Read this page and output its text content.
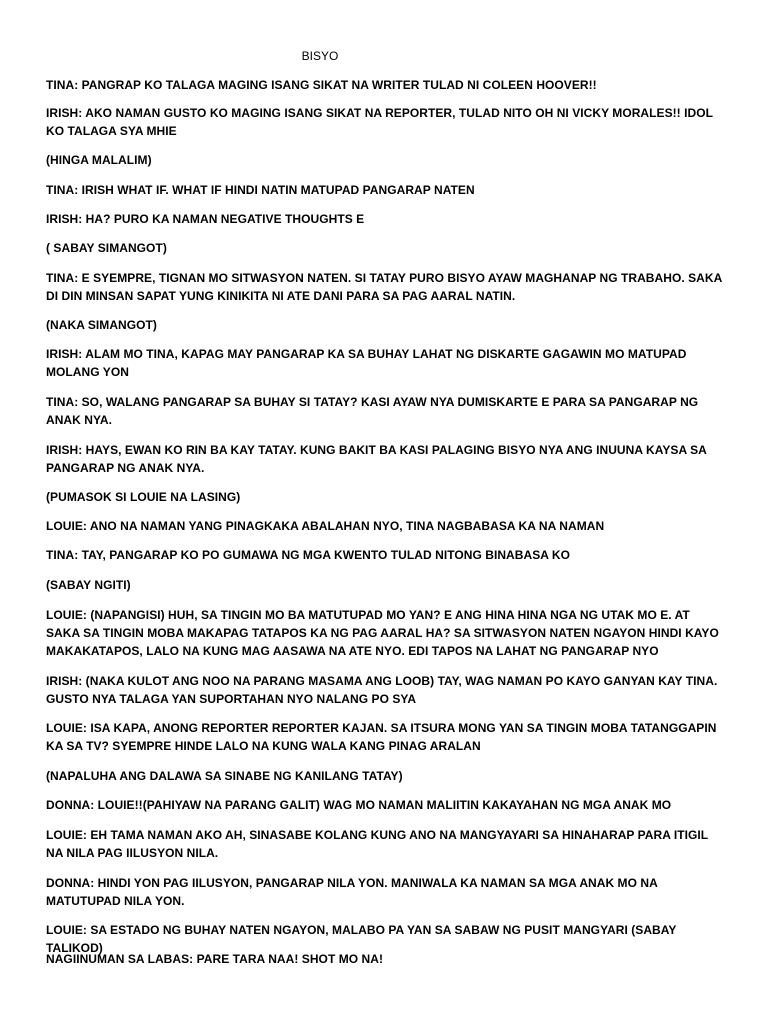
BISYO
TINA: PANGRAP KO TALAGA MAGING ISANG SIKAT NA WRITER TULAD NI COLEEN HOOVER!!
IRISH: AKO NAMAN GUSTO KO MAGING ISANG SIKAT NA REPORTER, TULAD NITO OH NI VICKY MORALES!! IDOL KO TALAGA SYA MHIE
(HINGA MALALIM)
TINA: IRISH WHAT IF. WHAT IF HINDI NATIN MATUPAD PANGARAP NATEN
IRISH: HA? PURO KA NAMAN NEGATIVE THOUGHTS E
( SABAY SIMANGOT)
TINA: E SYEMPRE, TIGNAN MO SITWASYON NATEN. SI TATAY PURO BISYO AYAW MAGHANAP NG TRABAHO. SAKA DI DIN MINSAN SAPAT YUNG KINIKITA NI ATE DANI PARA SA PAG AARAL NATIN.
(NAKA SIMANGOT)
IRISH: ALAM MO TINA, KAPAG MAY PANGARAP KA SA BUHAY LAHAT NG DISKARTE GAGAWIN MO MATUPAD MOLANG YON
TINA: SO, WALANG PANGARAP SA BUHAY SI TATAY? KASI AYAW NYA DUMISKARTE E PARA SA PANGARAP NG ANAK NYA.
IRISH: HAYS, EWAN KO RIN BA KAY TATAY. KUNG BAKIT BA KASI PALAGING BISYO NYA ANG INUUNA KAYSA SA PANGARAP NG ANAK NYA.
(PUMASOK SI LOUIE NA LASING)
LOUIE: ANO NA NAMAN YANG PINAGKAKA ABALAHAN NYO, TINA NAGBABASA KA NA NAMAN
TINA: TAY, PANGARAP KO PO GUMAWA NG MGA KWENTO TULAD NITONG BINABASA KO
(SABAY NGITI)
LOUIE: (NAPANGISI) HUH, SA TINGIN MO BA MATUTUPAD MO YAN? E ANG HINA HINA NGA NG UTAK MO E. AT SAKA SA TINGIN MOBA MAKAPAG TATAPOS KA NG PAG AARAL HA? SA SITWASYON NATEN NGAYON HINDI KAYO MAKAKATAPOS, LALO NA KUNG MAG AASAWA NA ATE NYO. EDI TAPOS NA LAHAT NG PANGARAP NYO
IRISH: (NAKA KULOT ANG NOO NA PARANG MASAMA ANG LOOB) TAY, WAG NAMAN PO KAYO GANYAN KAY TINA. GUSTO NYA TALAGA YAN SUPORTAHAN NYO NALANG PO SYA
LOUIE: ISA KAPA, ANONG REPORTER REPORTER KAJAN. SA ITSURA MONG YAN SA TINGIN MOBA TATANGGAPIN KA SA TV? SYEMPRE HINDE LALO NA KUNG WALA KANG PINAG ARALAN
(NAPALUHA ANG DALAWA SA SINABE NG KANILANG TATAY)
DONNA: LOUIE!!(PAHIYAW NA PARANG GALIT) WAG MO NAMAN MALIITIN KAKAYAHAN NG MGA ANAK MO
LOUIE: EH TAMA NAMAN AKO AH, SINASABE KOLANG KUNG ANO NA MANGYAYARI SA HINAHARAP PARA ITIGIL NA NILA PAG IILUSYON NILA.
DONNA: HINDI YON PAG IILUSYON, PANGARAP NILA YON. MANIWALA KA NAMAN SA MGA ANAK MO NA MATUTUPAD NILA YON.
LOUIE: SA ESTADO NG BUHAY NATEN NGAYON, MALABO PA YAN SA SABAW NG PUSIT MANGYARI (SABAY TALIKOD)
NAGIINUMAN SA LABAS: PARE TARA NAA! SHOT MO NA!
